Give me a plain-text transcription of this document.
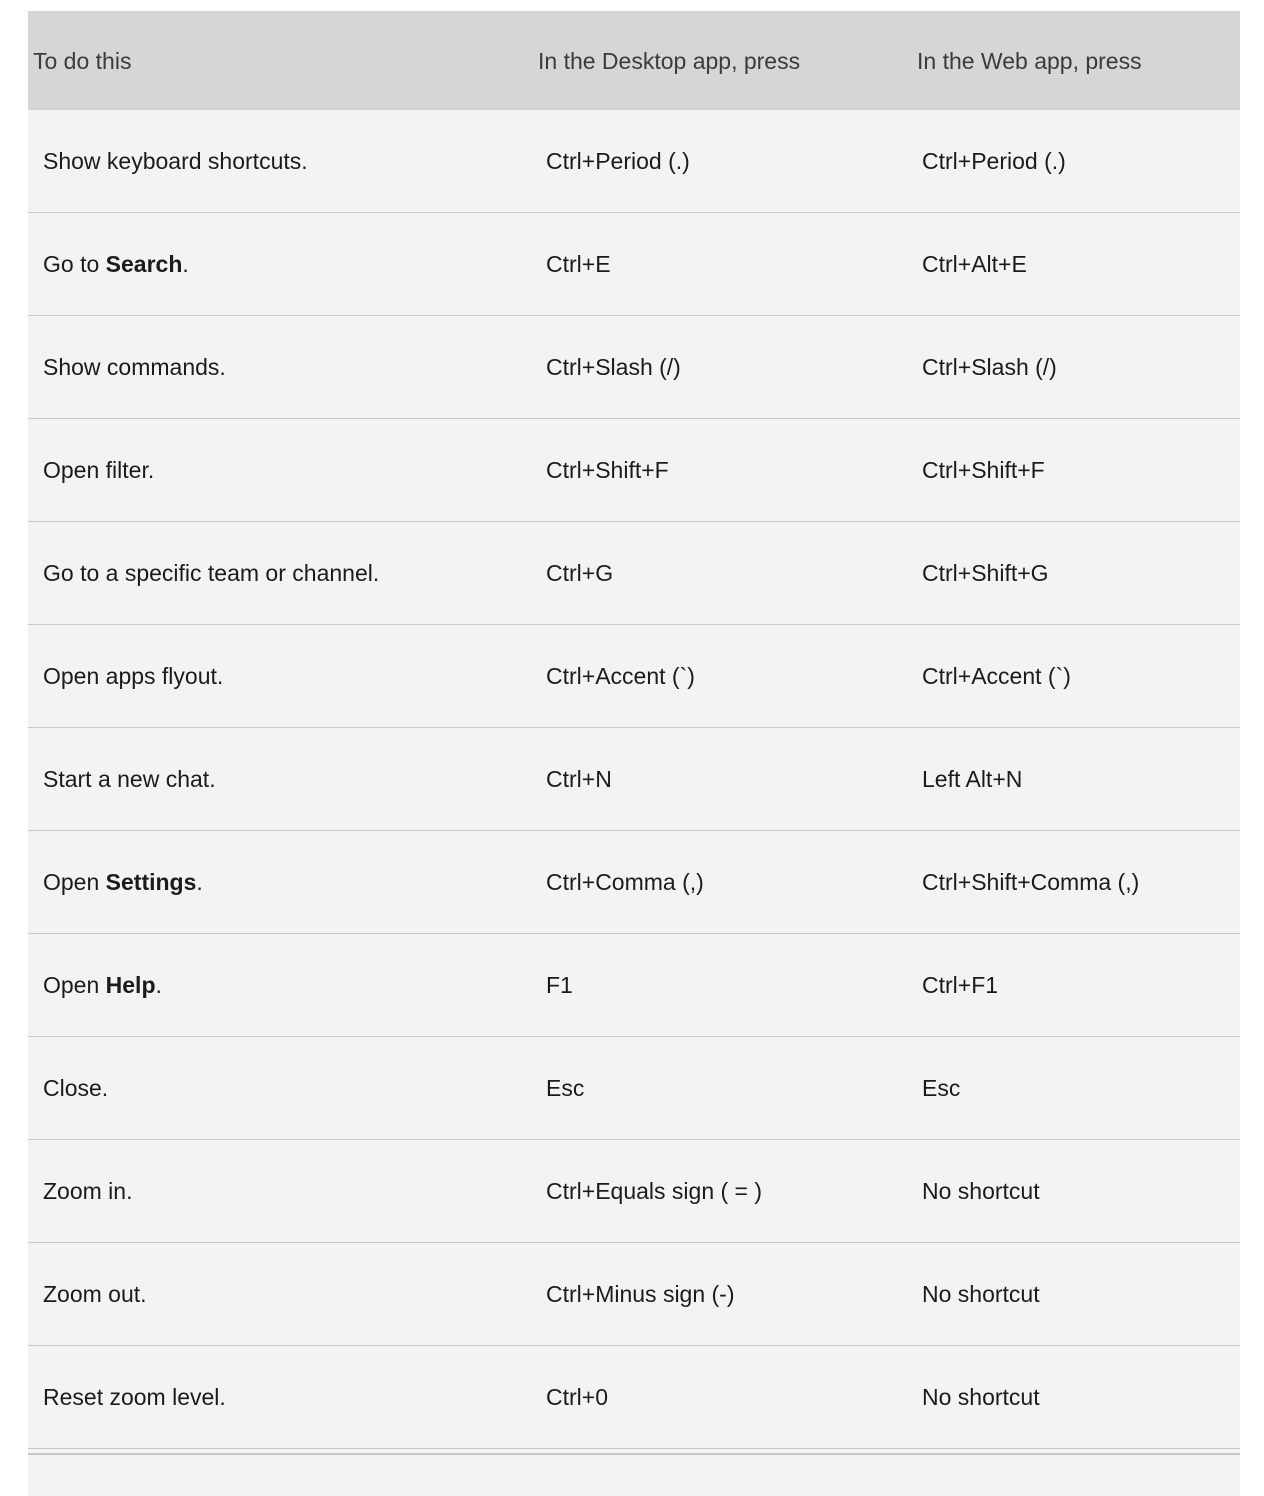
To do this	In the Desktop app, press	In the Web app, press
Show keyboard shortcuts.	Ctrl+Period (.)	Ctrl+Period (.)
Go to Search.	Ctrl+E	Ctrl+Alt+E
Show commands.	Ctrl+Slash (/)	Ctrl+Slash (/)
Open filter.	Ctrl+Shift+F	Ctrl+Shift+F
Go to a specific team or channel.	Ctrl+G	Ctrl+Shift+G
Open apps flyout.	Ctrl+Accent (`)	Ctrl+Accent (`)
Start a new chat.	Ctrl+N	Left Alt+N
Open Settings.	Ctrl+Comma (,)	Ctrl+Shift+Comma (,)
Open Help.	F1	Ctrl+F1
Close.	Esc	Esc
Zoom in.	Ctrl+Equals sign ( = )	No shortcut
Zoom out.	Ctrl+Minus sign (-)	No shortcut
Reset zoom level.	Ctrl+0	No shortcut
